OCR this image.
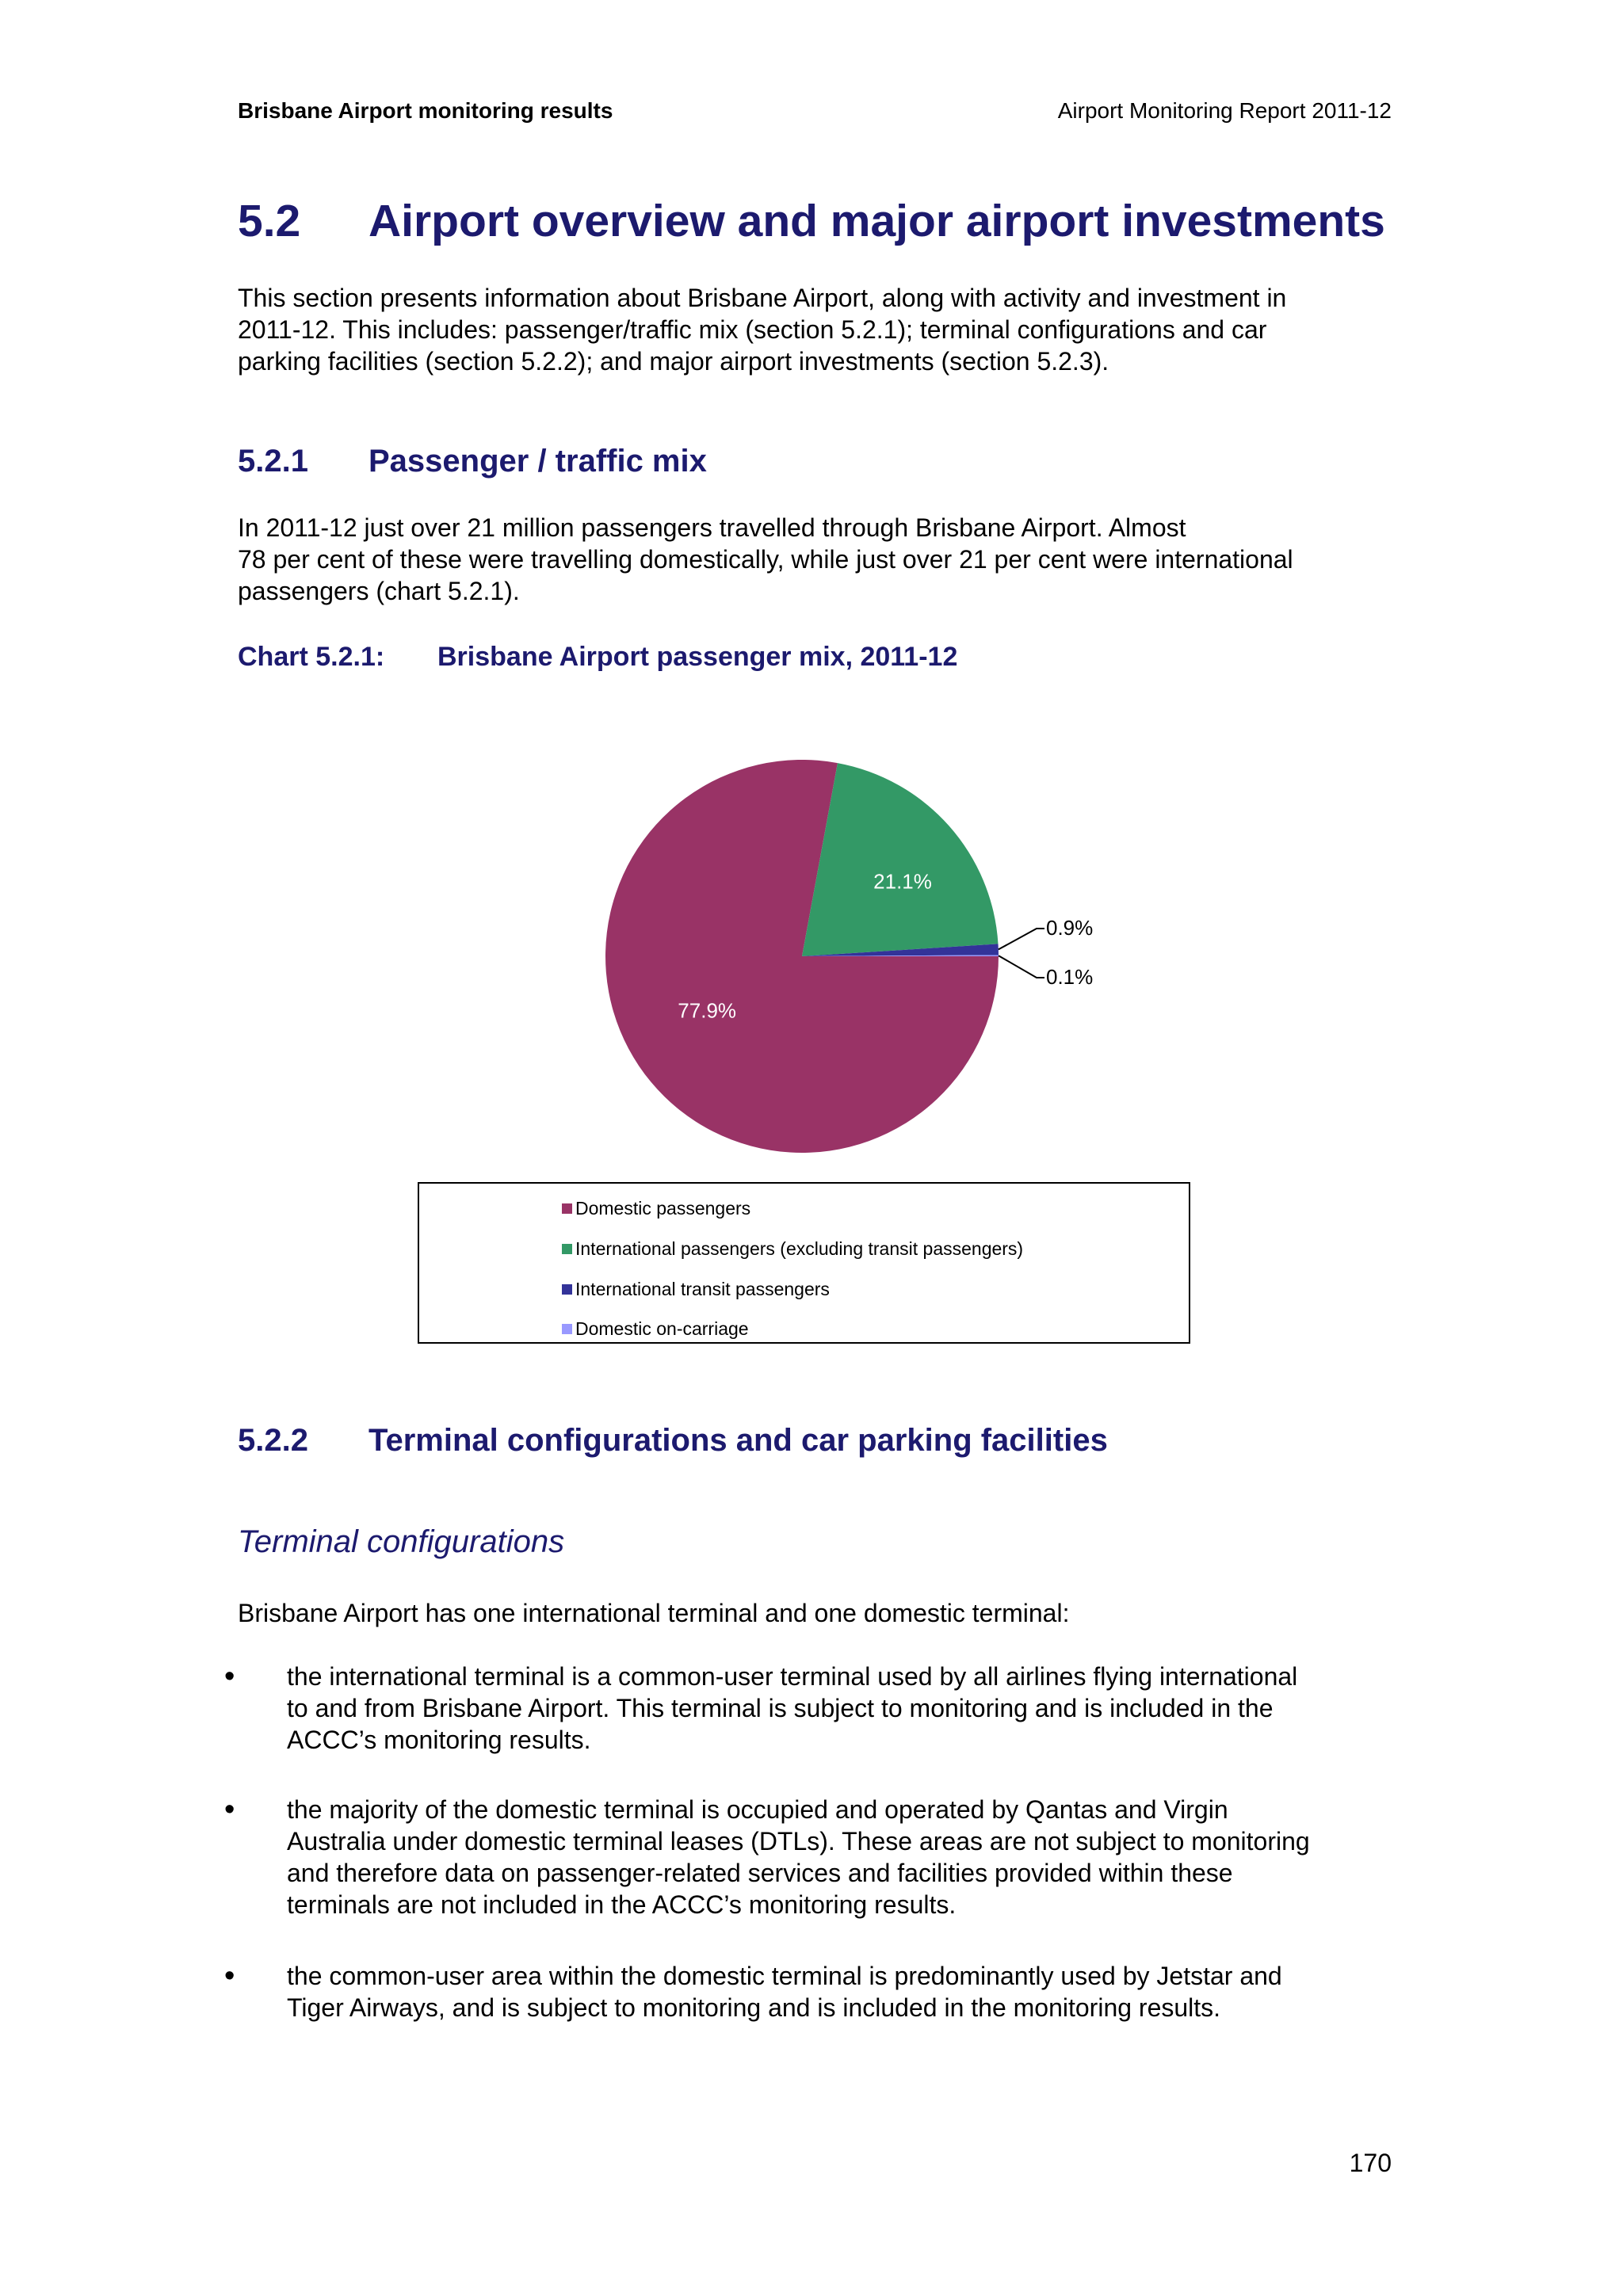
Brisbane Airport monitoring results	Airport Monitoring Report 2011-12
5.2	Airport overview and major airport investments
This section presents information about Brisbane Airport, along with activity and investment in
2011-12. This includes: passenger/traffic mix (section 5.2.1); terminal configurations and car
parking facilities (section 5.2.2); and major airport investments (section 5.2.3).
5.2.1	Passenger / traffic mix
In 2011-12 just over 21 million passengers travelled through Brisbane Airport. Almost
78 per cent of these were travelling domestically, while just over 21 per cent were international
passengers (chart 5.2.1).
Chart 5.2.1:	Brisbane Airport passenger mix, 2011-12
77.9%
21.1%
0.9%
0.1%
Domestic passengers
International passengers (excluding transit passengers)
International transit passengers
Domestic on-carriage
5.2.2	Terminal configurations and car parking facilities
Terminal configurations
Brisbane Airport has one international terminal and one domestic terminal:
• the international terminal is a common-user terminal used by all airlines flying international
to and from Brisbane Airport. This terminal is subject to monitoring and is included in the
ACCC’s monitoring results.
• the majority of the domestic terminal is occupied and operated by Qantas and Virgin
Australia under domestic terminal leases (DTLs). These areas are not subject to monitoring
and therefore data on passenger-related services and facilities provided within these
terminals are not included in the ACCC’s monitoring results.
• the common-user area within the domestic terminal is predominantly used by Jetstar and
Tiger Airways, and is subject to monitoring and is included in the monitoring results.
170
